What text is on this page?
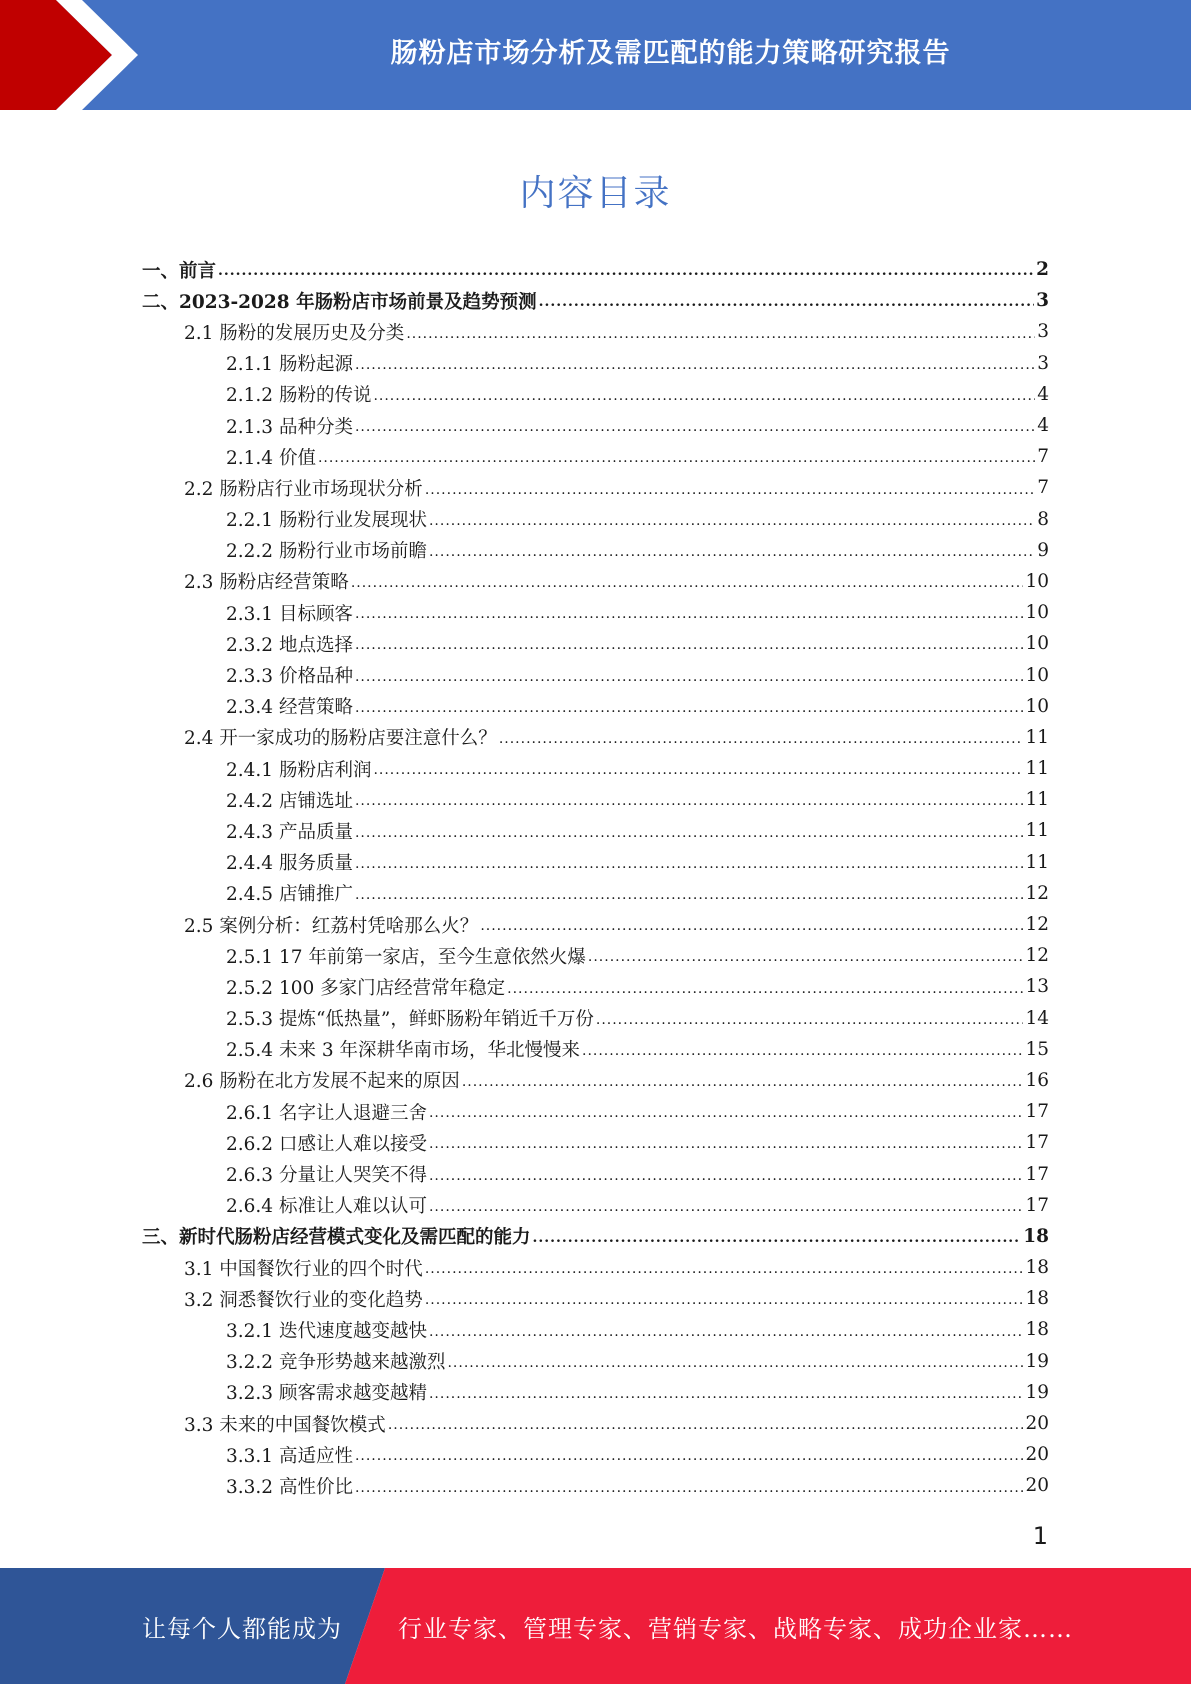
肠粉店市场分析及需匹配的能力策略研究报告
内容目录
一、前言 .....	2
二、2023-2028 年肠粉店市场前景及趋势预测 .....	3
2.1 肠粉的发展历史及分类 .....	3
2.1.1 肠粉起源 .....	3
2.1.2 肠粉的传说 .....	4
2.1.3 品种分类 .....	4
2.1.4 价值 .....	7
2.2 肠粉店行业市场现状分析 .....	7
2.2.1 肠粉行业发展现状 .....	8
2.2.2 肠粉行业市场前瞻 .....	9
2.3 肠粉店经营策略 .....	10
2.3.1 目标顾客 .....	10
2.3.2 地点选择 .....	10
2.3.3 价格品种 .....	10
2.3.4 经营策略 .....	10
2.4 开一家成功的肠粉店要注意什么？ .....	11
2.4.1 肠粉店利润 .....	11
2.4.2 店铺选址 .....	11
2.4.3 产品质量 .....	11
2.4.4 服务质量 .....	11
2.4.5 店铺推广 .....	12
2.5 案例分析：红荔村凭啥那么火？ .....	12
2.5.1 17 年前第一家店，至今生意依然火爆 .....	12
2.5.2 100 多家门店经营常年稳定 .....	13
2.5.3 提炼“低热量”，鲜虾肠粉年销近千万份 .....	14
2.5.4 未来 3 年深耕华南市场，华北慢慢来 .....	15
2.6 肠粉在北方发展不起来的原因 .....	16
2.6.1 名字让人退避三舍 .....	17
2.6.2 口感让人难以接受 .....	17
2.6.3 分量让人哭笑不得 .....	17
2.6.4 标准让人难以认可 .....	17
三、新时代肠粉店经营模式变化及需匹配的能力 .....	18
3.1 中国餐饮行业的四个时代 .....	18
3.2 洞悉餐饮行业的变化趋势 .....	18
3.2.1 迭代速度越变越快 .....	18
3.2.2 竞争形势越来越激烈 .....	19
3.2.3 顾客需求越变越精 .....	19
3.3 未来的中国餐饮模式 .....	20
3.3.1 高适应性 .....	20
3.3.2 高性价比 .....	20
1
让每个人都能成为 行业专家、管理专家、营销专家、战略专家、成功企业家……
